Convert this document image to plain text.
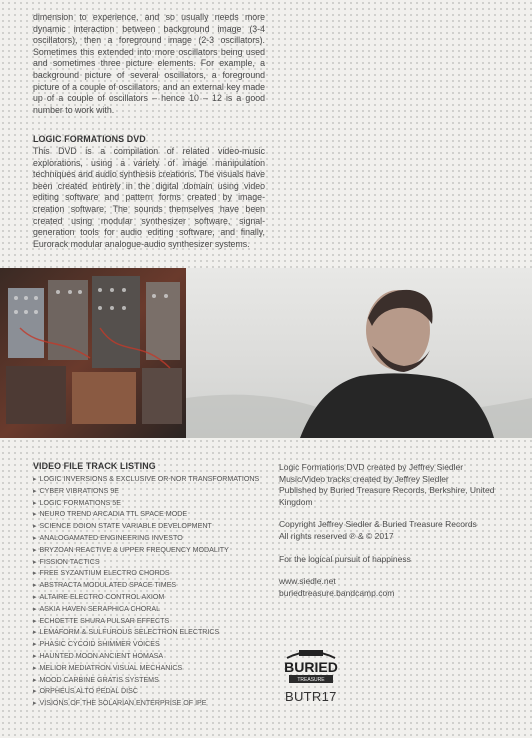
dimension to experience, and so usually needs more dynamic interaction between background image (3-4 oscillators), then a foreground image (2-3 oscillators). Sometimes this extended into more oscillators being used and sometimes three picture elements. For example, a background picture of several oscillators, a foreground picture of a couple of oscillators, and an external key made up of a couple of oscillators – hence 10 – 12 is a good number to work with.
LOGIC FORMATIONS DVD
This DVD is a compilation of related video-music explorations, using a variety of image manipulation techniques and audio synthesis creations. The visuals have been created entirely in the digital domain using video editing software and pattern forms created by image-creation software. The sounds themselves have been created using modular synthesizer software, signal-generation tools for audio editing software, and finally, Eurorack modular analogue-audio synthesizer systems.
VIDEO FILE TRACK LISTING
▸ LOGIC INVERSIONS & EXCLUSIVE OR-NOR TRANSFORMATIONS
▸ CYBER VIBRATIONS 9E
▸ LOGIC FORMATIONS 5E
▸ NEURO TREND ARCADIA TTL SPACE MODE
▸ SCIENCE DOION STATE VARIABLE DEVELOPMENT
▸ ANALOGAMATED ENGINEERING INVESTO
▸ BRYZOAN REACTIVE & UPPER FREQUENCY MODALITY
▸ FISSION TACTICS
▸ FREE SYZANTIUM ELECTRO CHORDS
▸ ABSTRACTA MODULATED SPACE TIMES
▸ ALTAIRE ELECTRO CONTROL AXIOM
▸ ASKIA HAVEN SERAPHICA CHORAL
▸ ECHOETTE SHURA PULSAR EFFECTS
▸ LEMAFORM & SULFUROUS SELECTRON ELECTRICS
▸ PHASIC CYCOID SHIMMER VOICES
▸ HAUNTED MOON ANCIENT HOMASA
▸ MELIOR MEDIATRON VISUAL MECHANICS
▸ MOOD CARBINE GRATIS SYSTEMS
▸ ORPHEUS ALTO PEDAL DISC
▸ VISIONS OF THE SOLARIAN ENTERPRISE OF IPE

Logic Formations DVD created by Jeffrey Siedler
Music/Video tracks created by Jeffrey Siedler
Published by Buried Treasure Records, Berkshire, United Kingdom

Copyright Jeffrey Siedler & Buried Treasure Records
All rights reserved ℗ & © 2017

For the logical pursuit of happiness

www.siedle.net
buriedtreasure.bandcamp.com

BURIED
TREASURE
BUTR17
